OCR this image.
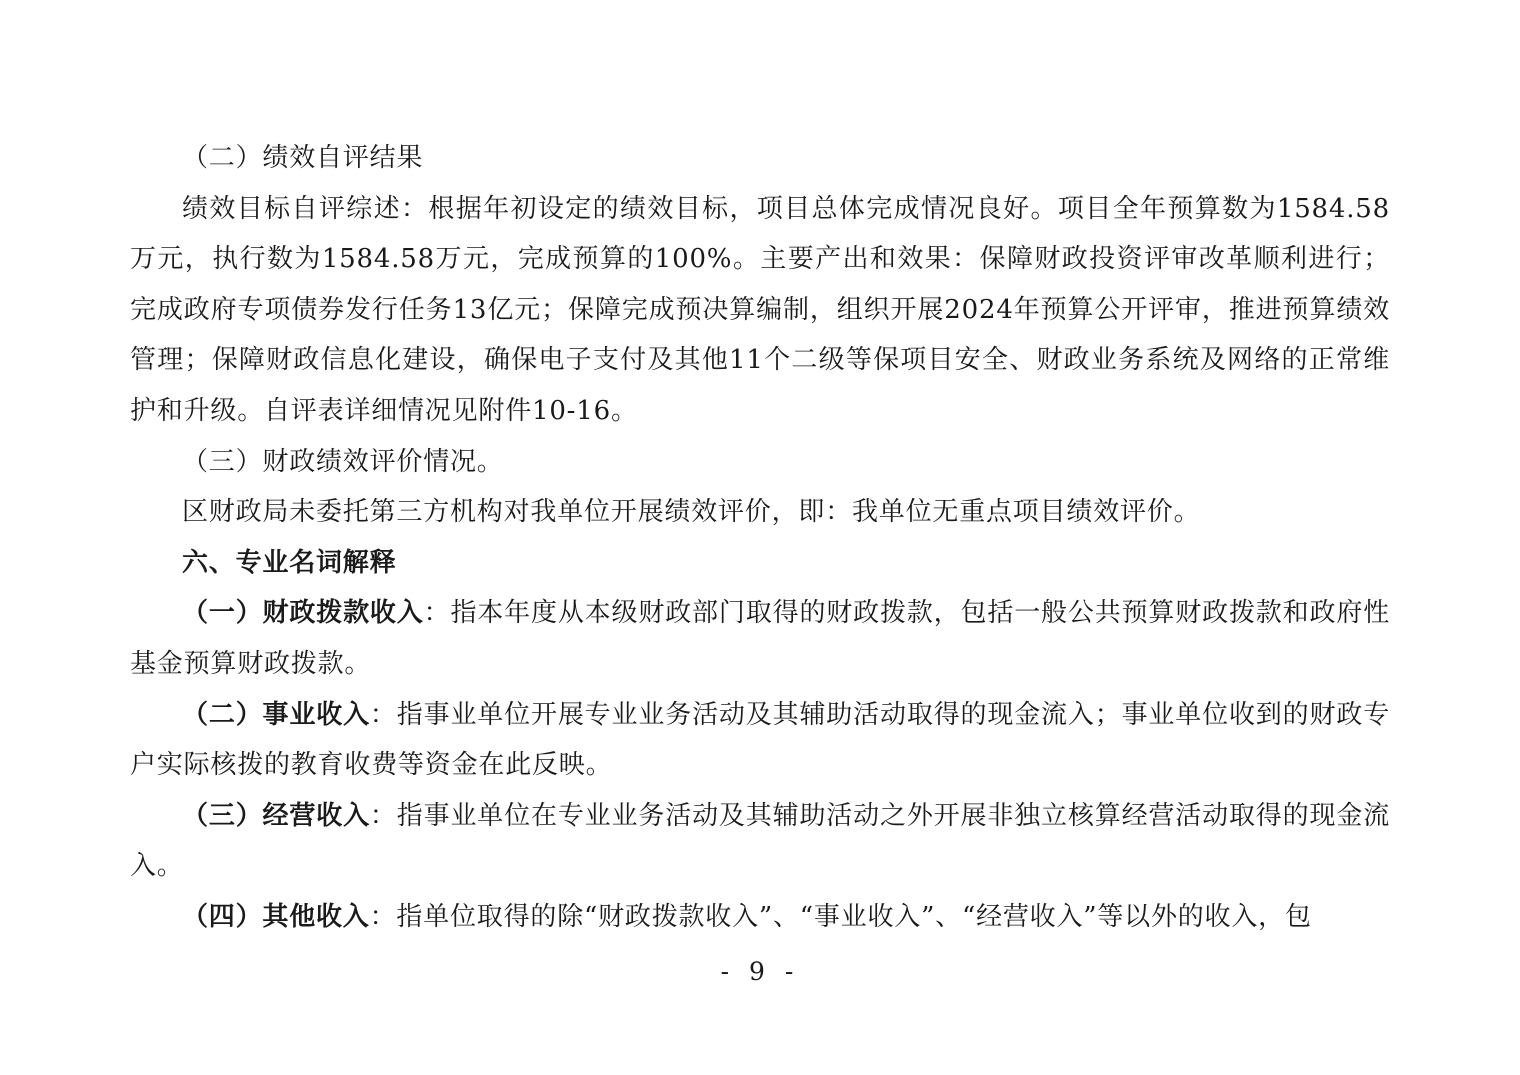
（二）绩效自评结果

绩效目标自评综述：根据年初设定的绩效目标，项目总体完成情况良好。项目全年预算数为1584.58万元，执行数为1584.58万元，完成预算的100%。主要产出和效果：保障财政投资评审改革顺利进行；完成政府专项债券发行任务13亿元；保障完成预决算编制，组织开展2024年预算公开评审，推进预算绩效管理；保障财政信息化建设，确保电子支付及其他11个二级等保项目安全、财政业务系统及网络的正常维护和升级。自评表详细情况见附件10-16。

（三）财政绩效评价情况。

区财政局未委托第三方机构对我单位开展绩效评价，即：我单位无重点项目绩效评价。

六、专业名词解释

（一）财政拨款收入：指本年度从本级财政部门取得的财政拨款，包括一般公共预算财政拨款和政府性基金预算财政拨款。

（二）事业收入：指事业单位开展专业业务活动及其辅助活动取得的现金流入；事业单位收到的财政专户实际核拨的教育收费等资金在此反映。

（三）经营收入：指事业单位在专业业务活动及其辅助活动之外开展非独立核算经营活动取得的现金流入。

（四）其他收入：指单位取得的除“财政拨款收入”、“事业收入”、“经营收入”等以外的收入，包

- 9 -
